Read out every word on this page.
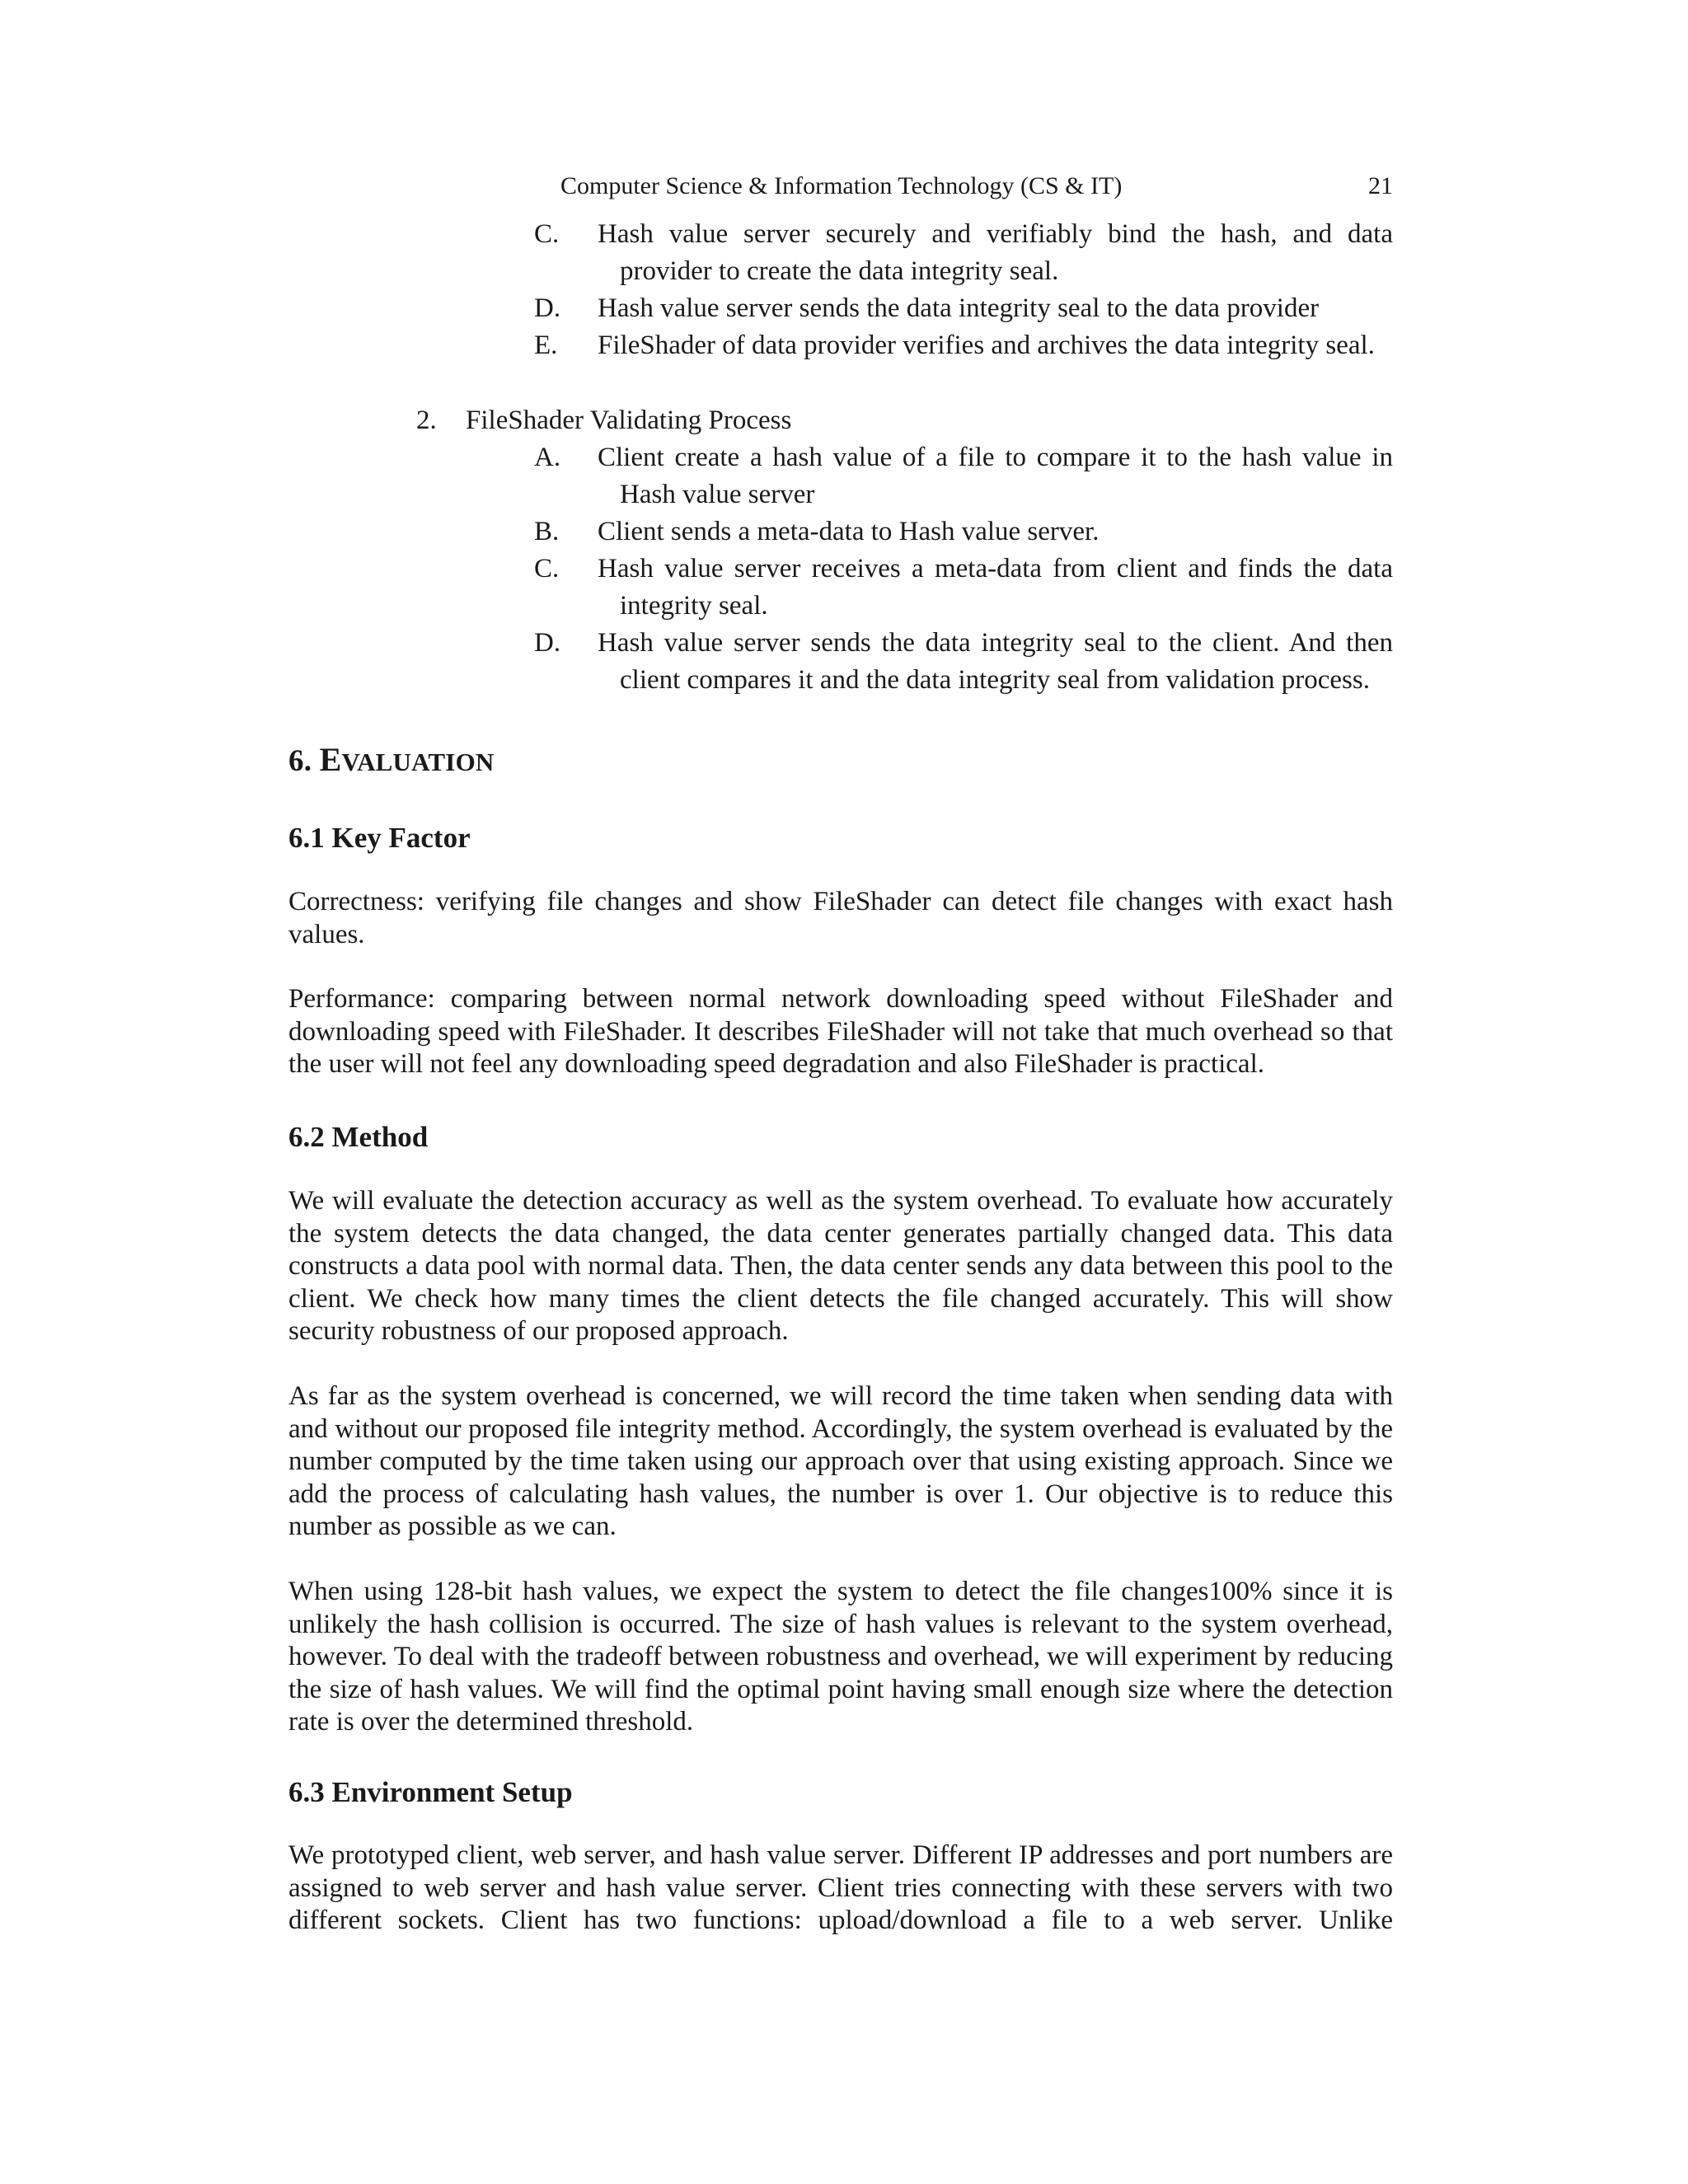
Computer Science & Information Technology (CS & IT)	21
C. Hash value server securely and verifiably bind the hash, and data provider to create the data integrity seal.
D. Hash value server sends the data integrity seal to the data provider
E. FileShader of data provider verifies and archives the data integrity seal.
2. FileShader Validating Process
A. Client create a hash value of a file to compare it to the hash value in Hash value server
B. Client sends a meta-data to Hash value server.
C. Hash value server receives a meta-data from client and finds the data integrity seal.
D. Hash value server sends the data integrity seal to the client. And then client compares it and the data integrity seal from validation process.
6. EVALUATION
6.1 Key Factor

Correctness: verifying file changes and show FileShader can detect file changes with exact hash values.

Performance: comparing between normal network downloading speed without FileShader and downloading speed with FileShader. It describes FileShader will not take that much overhead so that the user will not feel any downloading speed degradation and also FileShader is practical.

6.2 Method

We will evaluate the detection accuracy as well as the system overhead. To evaluate how accurately the system detects the data changed, the data center generates partially changed data. This data constructs a data pool with normal data. Then, the data center sends any data between this pool to the client. We check how many times the client detects the file changed accurately. This will show security robustness of our proposed approach.

As far as the system overhead is concerned, we will record the time taken when sending data with and without our proposed file integrity method. Accordingly, the system overhead is evaluated by the number computed by the time taken using our approach over that using existing approach. Since we add the process of calculating hash values, the number is over 1. Our objective is to reduce this number as possible as we can.

When using 128-bit hash values, we expect the system to detect the file changes100% since it is unlikely the hash collision is occurred. The size of hash values is relevant to the system overhead, however. To deal with the tradeoff between robustness and overhead, we will experiment by reducing the size of hash values. We will find the optimal point having small enough size where the detection rate is over the determined threshold.

6.3 Environment Setup

We prototyped client, web server, and hash value server. Different IP addresses and port numbers are assigned to web server and hash value server. Client tries connecting with these servers with two different sockets. Client has two functions: upload/download a file to a web server. Unlike
